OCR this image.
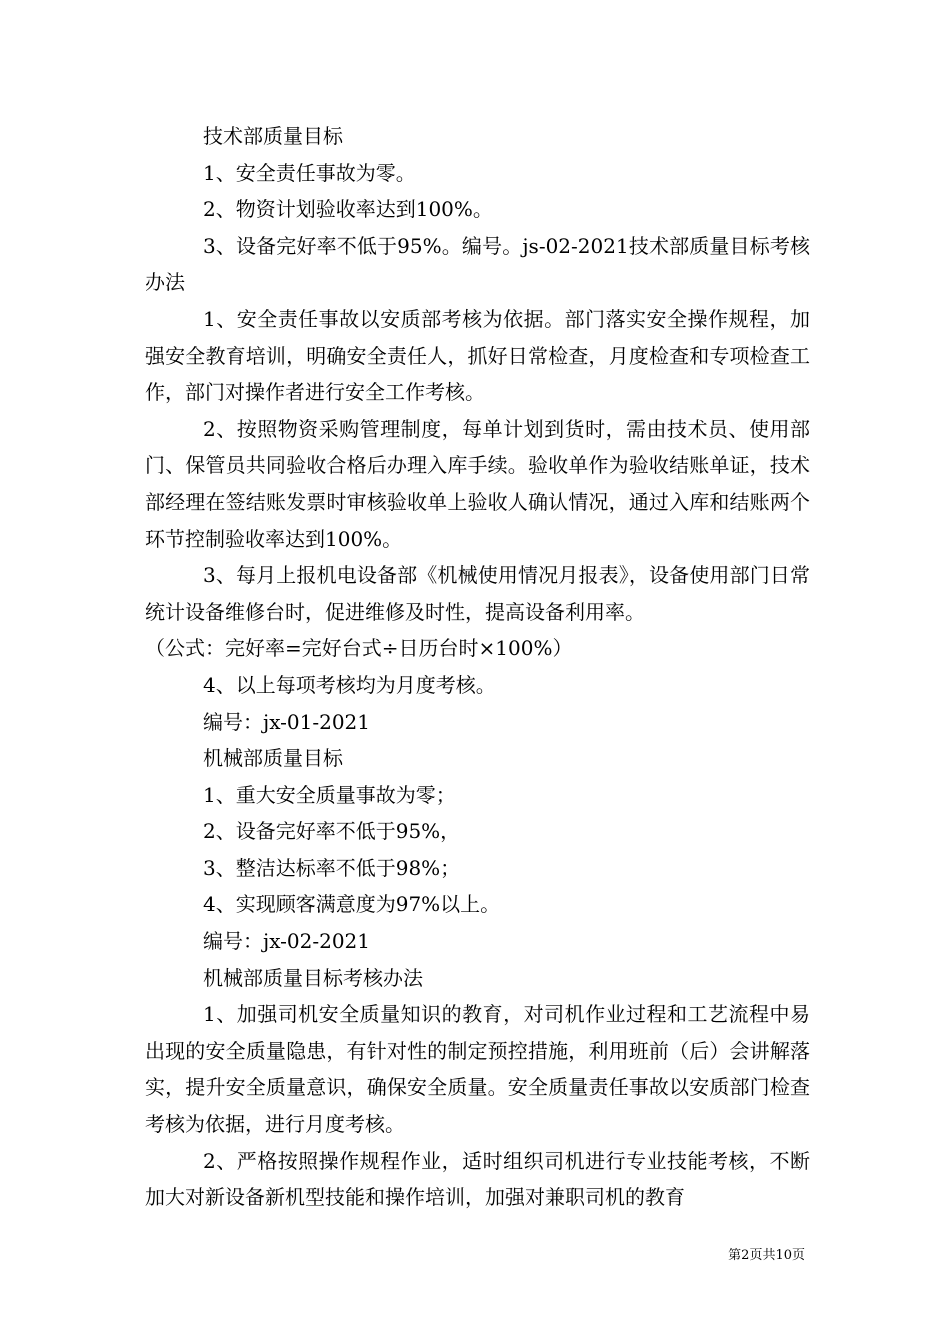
技术部质量目标

1、安全责任事故为零。

2、物资计划验收率达到100%。

3、设备完好率不低于95%。编号。js-02-2021技术部质量目标考核办法

1、安全责任事故以安质部考核为依据。部门落实安全操作规程，加强安全教育培训，明确安全责任人，抓好日常检查，月度检查和专项检查工作，部门对操作者进行安全工作考核。

2、按照物资采购管理制度，每单计划到货时，需由技术员、使用部门、保管员共同验收合格后办理入库手续。验收单作为验收结账单证，技术部经理在签结账发票时审核验收单上验收人确认情况，通过入库和结账两个环节控制验收率达到100%。

3、每月上报机电设备部《机械使用情况月报表》，设备使用部门日常统计设备维修台时，促进维修及时性，提高设备利用率。

（公式：完好率=完好台式÷日历台时×100%）

4、以上每项考核均为月度考核。

编号：jx-01-2021

机械部质量目标

1、重大安全质量事故为零；

2、设备完好率不低于95%，

3、整洁达标率不低于98%；

4、实现顾客满意度为97%以上。

编号：jx-02-2021

机械部质量目标考核办法

1、加强司机安全质量知识的教育，对司机作业过程和工艺流程中易出现的安全质量隐患，有针对性的制定预控措施，利用班前（后）会讲解落实，提升安全质量意识，确保安全质量。安全质量责任事故以安质部门检查考核为依据，进行月度考核。

2、严格按照操作规程作业，适时组织司机进行专业技能考核，不断加大对新设备新机型技能和操作培训，加强对兼职司机的教育

第2页共10页
